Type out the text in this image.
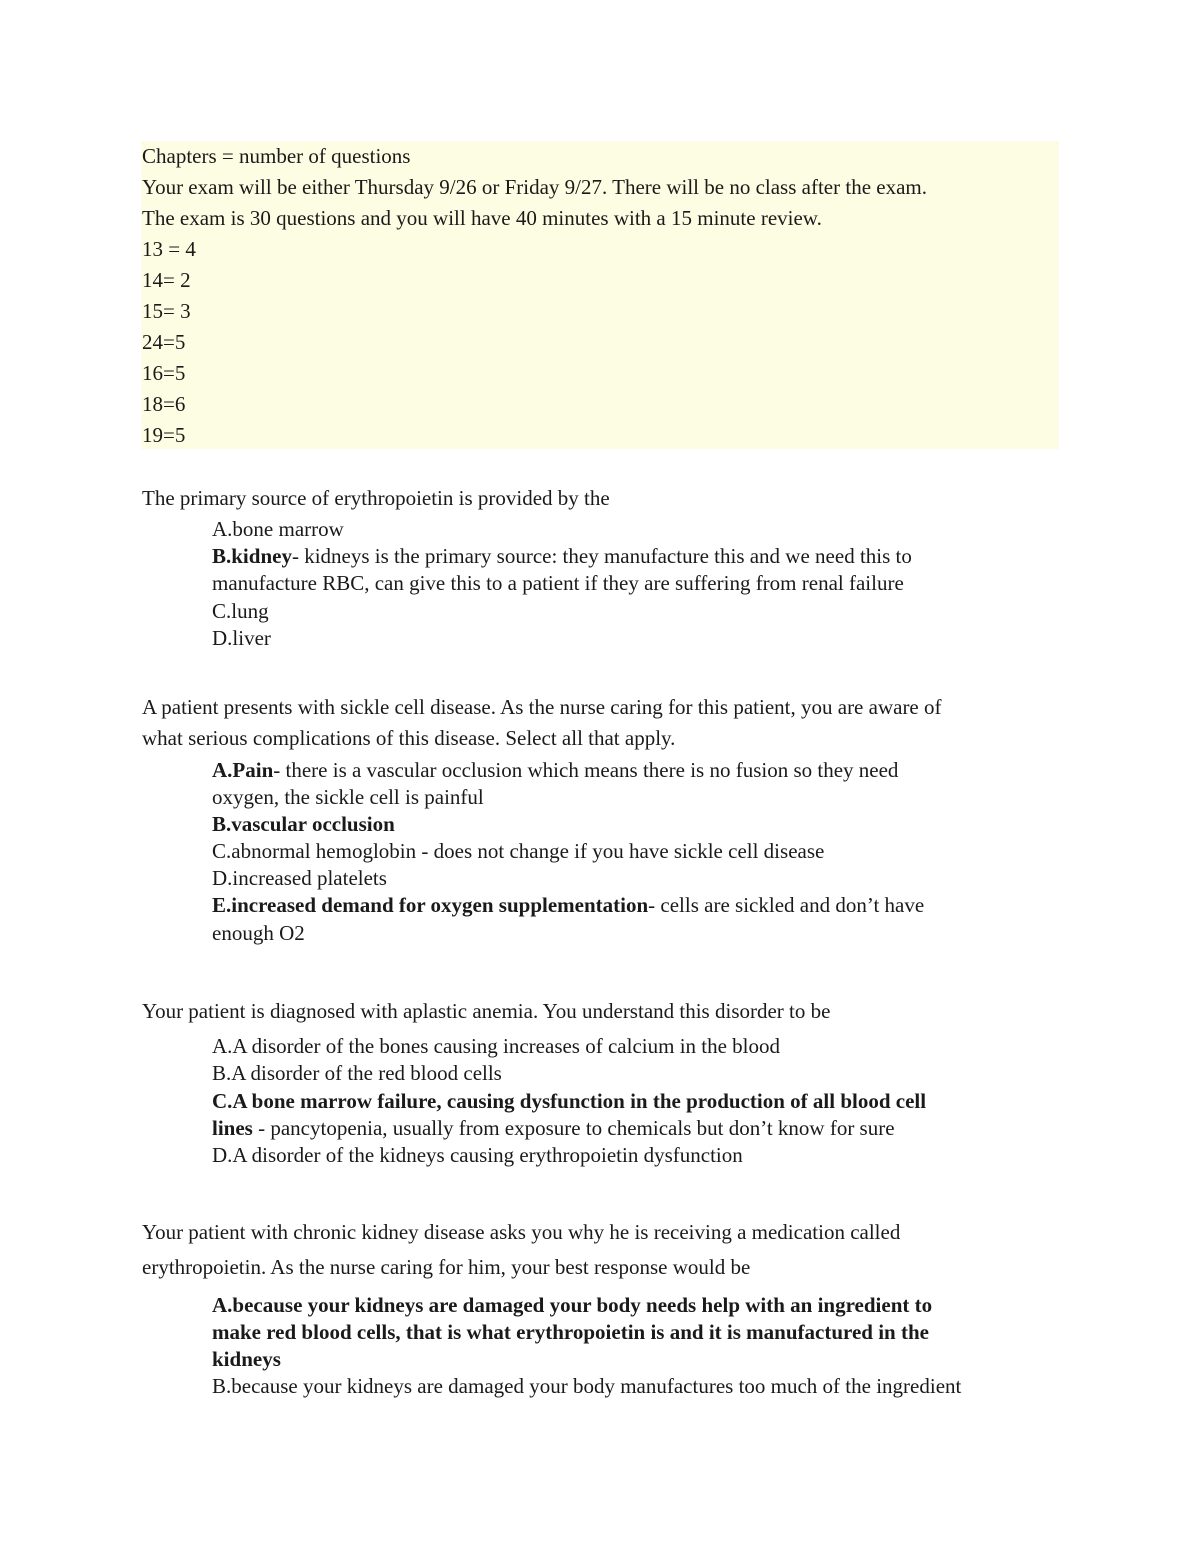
Chapters = number of questions
Your exam will be either Thursday 9/26 or Friday 9/27. There will be no class after the exam.
The exam is 30 questions and you will have 40 minutes with a 15 minute review.
13 = 4
14= 2
15= 3
24=5
16=5
18=6
19=5
The primary source of erythropoietin is provided by the
A.bone marrow
B.kidney- kidneys is the primary source: they manufacture this and we need this to
manufacture RBC, can give this to a patient if they are suffering from renal failure
C.lung
D.liver
A patient presents with sickle cell disease. As the nurse caring for this patient, you are aware of
what serious complications of this disease. Select all that apply.
A.Pain- there is a vascular occlusion which means there is no fusion so they need
oxygen, the sickle cell is painful
B.vascular occlusion
C.abnormal hemoglobin - does not change if you have sickle cell disease
D.increased platelets
E.increased demand for oxygen supplementation- cells are sickled and don’t have
enough O2
Your patient is diagnosed with aplastic anemia. You understand this disorder to be
A.A disorder of the bones causing increases of calcium in the blood
B.A disorder of the red blood cells
C.A bone marrow failure, causing dysfunction in the production of all blood cell
lines - pancytopenia, usually from exposure to chemicals but don’t know for sure
D.A disorder of the kidneys causing erythropoietin dysfunction
Your patient with chronic kidney disease asks you why he is receiving a medication called
erythropoietin. As the nurse caring for him, your best response would be
A.because your kidneys are damaged your body needs help with an ingredient to
make red blood cells, that is what erythropoietin is and it is manufactured in the
kidneys
B.because your kidneys are damaged your body manufactures too much of the ingredient
